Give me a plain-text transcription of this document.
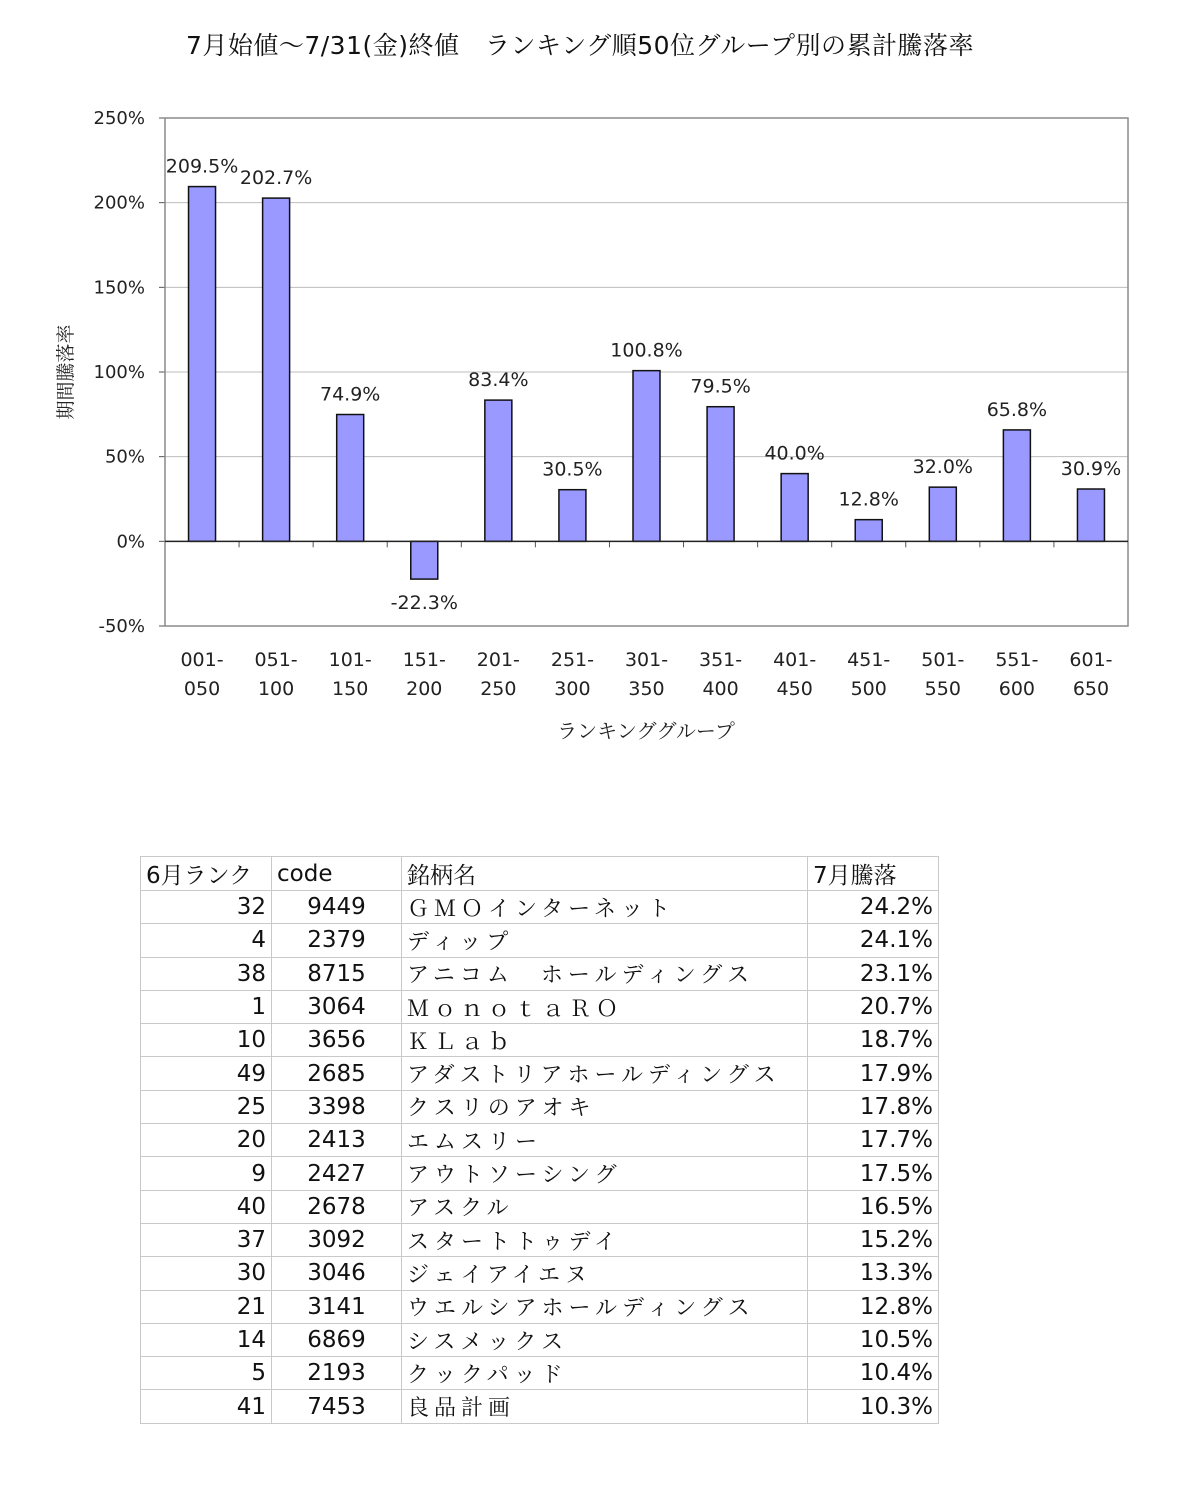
7月始値～7/31(金)終値　ランキング順50位グループ別の累計騰落率
250%
200%
150%
100%
50%
0%
-50%
209.5%
202.7%
74.9%
-22.3%
83.4%
30.5%
100.8%
79.5%
40.0%
12.8%
32.0%
65.8%
30.9%
001-050
051-100
101-150
151-200
201-250
251-300
301-350
351-400
401-450
451-500
501-550
551-600
601-650
ランキンググループ
期間騰落率
6月ランク	code	銘柄名	7月騰落
32	9449	ＧＭＯインターネット	24.2%
4	2379	ディップ	24.1%
38	8715	アニコム　ホールディングス	23.1%
1	3064	ＭｏｎｏｔａＲＯ	20.7%
10	3656	ＫＬａｂ	18.7%
49	2685	アダストリアホールディングス	17.9%
25	3398	クスリのアオキ	17.8%
20	2413	エムスリー	17.7%
9	2427	アウトソーシング	17.5%
40	2678	アスクル	16.5%
37	3092	スタートトゥデイ	15.2%
30	3046	ジェイアイエヌ	13.3%
21	3141	ウエルシアホールディングス	12.8%
14	6869	シスメックス	10.5%
5	2193	クックパッド	10.4%
41	7453	良品計画	10.3%
